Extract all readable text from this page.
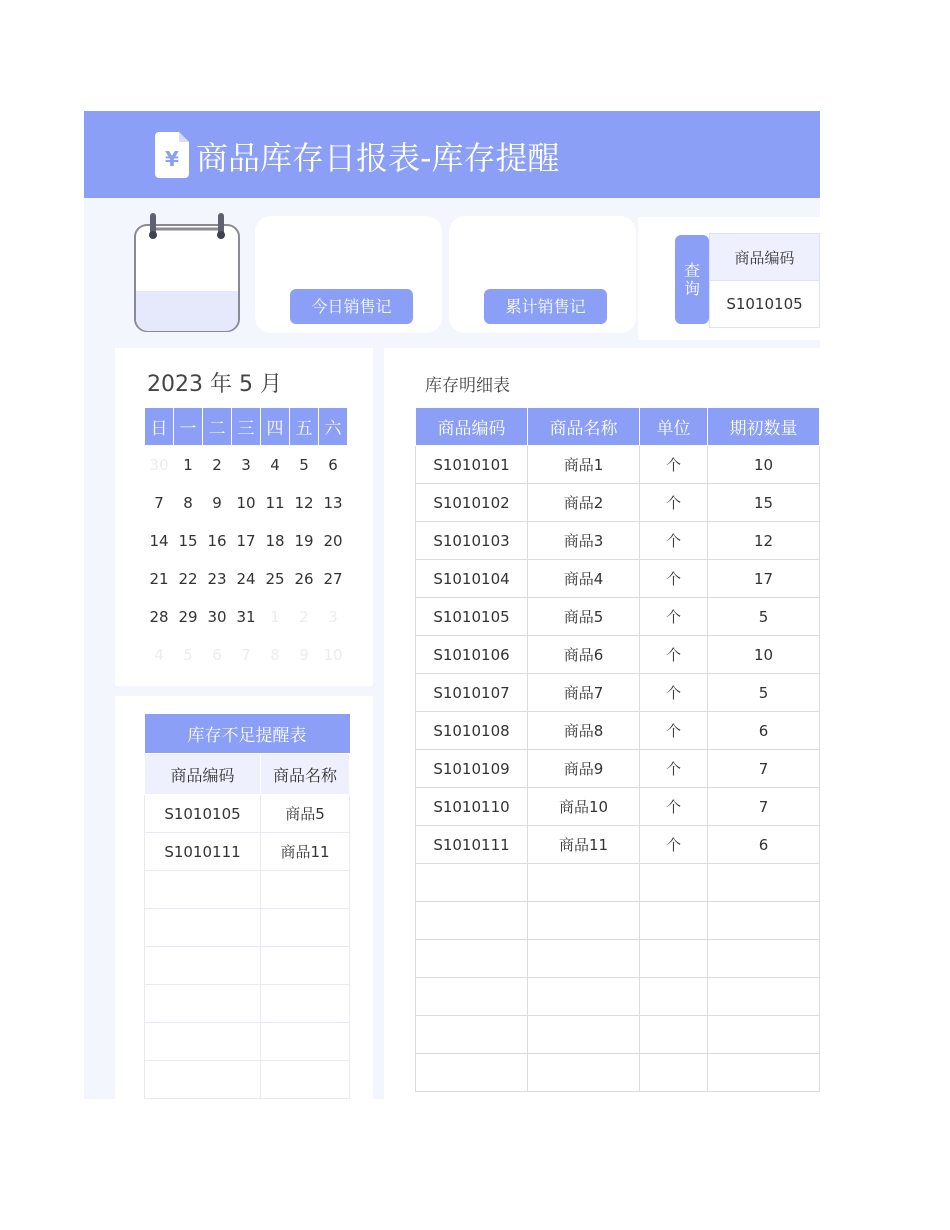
¥ 商品库存日报表-库存提醒
今日销售记	累计销售记
查
询
商品编码
S1010105
2023 年 5 月
日	一	二	三	四	五	六
30	1	2	3	4	5	6
7	8	9	10	11	12	13
14	15	16	17	18	19	20
21	22	23	24	25	26	27
28	29	30	31	1	2	3
4	5	6	7	8	9	10
库存不足提醒表	
商品编码	商品名称
S1010105	商品5
S1010111	商品11

库存明细表
商品编码	商品名称	单位	期初数量
S1010101	商品1	个	10
S1010102	商品2	个	15
S1010103	商品3	个	12
S1010104	商品4	个	17
S1010105	商品5	个	5
S1010106	商品6	个	10
S1010107	商品7	个	5
S1010108	商品8	个	6
S1010109	商品9	个	7
S1010110	商品10	个	7
S1010111	商品11	个	6
